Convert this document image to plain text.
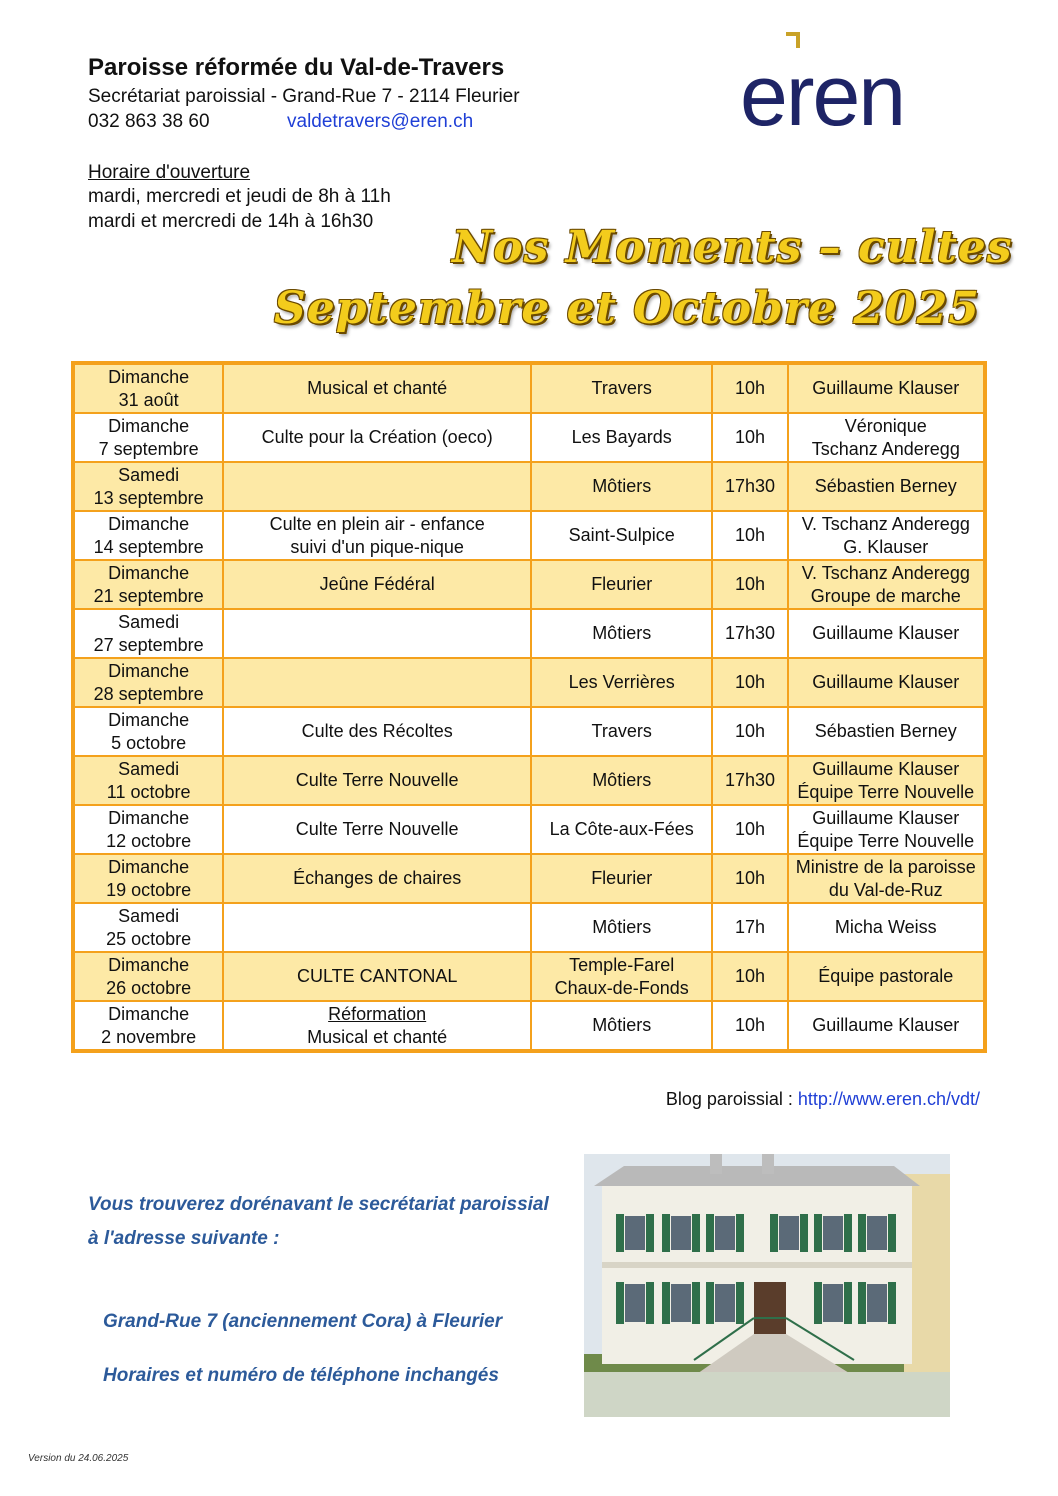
Paroisse réformée du Val-de-Travers
Secrétariat paroissial - Grand-Rue 7 - 2114 Fleurier
032 863 38 60	valdetravers@eren.ch
Horaire d'ouverture
mardi, mercredi et jeudi de 8h à 11h
mardi et mercredi de 14h à 16h30
eren
Nos Moments – cultes
Septembre et Octobre 2025
Dimanche
31 août	Musical et chanté	Travers	10h	Guillaume Klauser

Dimanche
7 septembre	Culte pour la Création (oeco)	Les Bayards	10h	Véronique
Tschanz Anderegg

Samedi
13 septembre		Môtiers	17h30	Sébastien Berney

Dimanche
14 septembre	Culte en plein air - enfance
suivi d'un pique-nique	Saint-Sulpice	10h	V. Tschanz Anderegg
G. Klauser

Dimanche
21 septembre	Jeûne Fédéral	Fleurier	10h	V. Tschanz Anderegg
Groupe de marche

Samedi
27 septembre		Môtiers	17h30	Guillaume Klauser

Dimanche
28 septembre		Les Verrières	10h	Guillaume Klauser

Dimanche
5 octobre	Culte des Récoltes	Travers	10h	Sébastien Berney

Samedi
11 octobre	Culte Terre Nouvelle	Môtiers	17h30	Guillaume Klauser
Équipe Terre Nouvelle

Dimanche
12 octobre	Culte Terre Nouvelle	La Côte-aux-Fées	10h	Guillaume Klauser
Équipe Terre Nouvelle

Dimanche
19 octobre	Échanges de chaires	Fleurier	10h	Ministre de la paroisse
du Val-de-Ruz

Samedi
25 octobre		Môtiers	17h	Micha Weiss

Dimanche
26 octobre	CULTE CANTONAL	Temple-Farel
Chaux-de-Fonds	10h	Équipe pastorale

Dimanche
2 novembre	Réformation
Musical et chanté	Môtiers	10h	Guillaume Klauser
Blog paroissial : http://www.eren.ch/vdt/
Vous trouverez dorénavant le secrétariat paroissial
à l'adresse suivante :
Grand-Rue 7 (anciennement Cora) à Fleurier
Horaires et numéro de téléphone inchangés
Version du 24.06.2025
